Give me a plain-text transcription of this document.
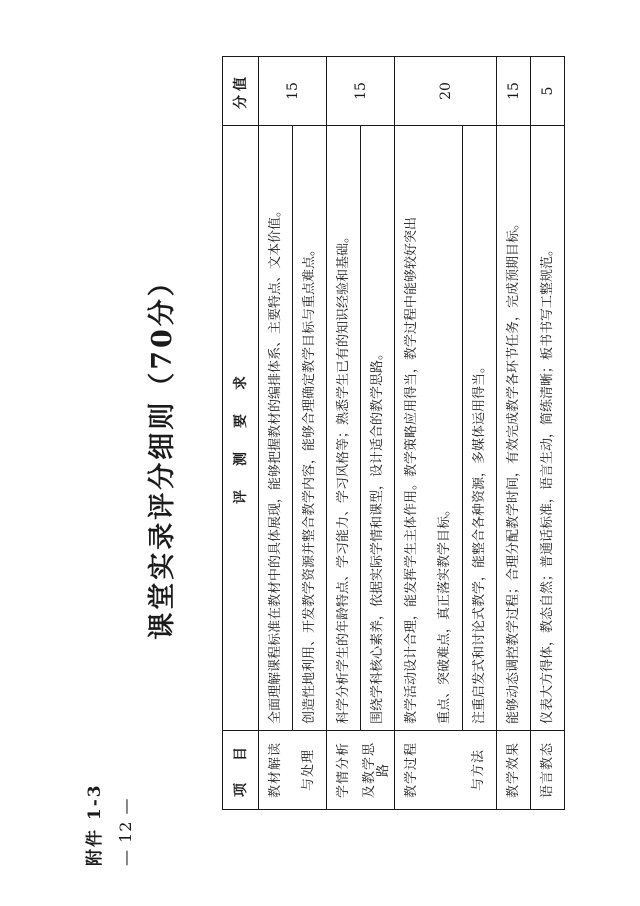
附件 1-3
课堂实录评分细则（70分）
项　目	评测要求	分值
教材解读	全面理解课程标准在教材中的具体展现，能够把握教材的编排体系、主要特点、文本价值。	15
与处理	创造性地利用、开发教学资源并整合教学内容，能够合理确定教学目标与重点难点。	
学情分析	科学分析学生的年龄特点、学习能力、学习风格等；熟悉学生已有的知识经验和基础。	15
及教学思路	围绕学科核心素养，依据实际学情和课型，设计适合的教学思路。	
教学过程	教学活动设计合理，能发挥学生主体作用。教学策略应用得当，教学过程中能够较好突出	20
	重点、突破难点，真正落实教学目标。	
与方法	注重启发式和讨论式教学，能整合各种资源，多媒体运用得当。	
教学效果	能够动态调控教学过程；合理分配教学时间，有效完成教学各环节任务，完成预期目标。	15
语言教态	仪表大方得体，教态自然；普通话标准，语言生动，简练清晰；板书书写工整规范。	5
— 12 —
